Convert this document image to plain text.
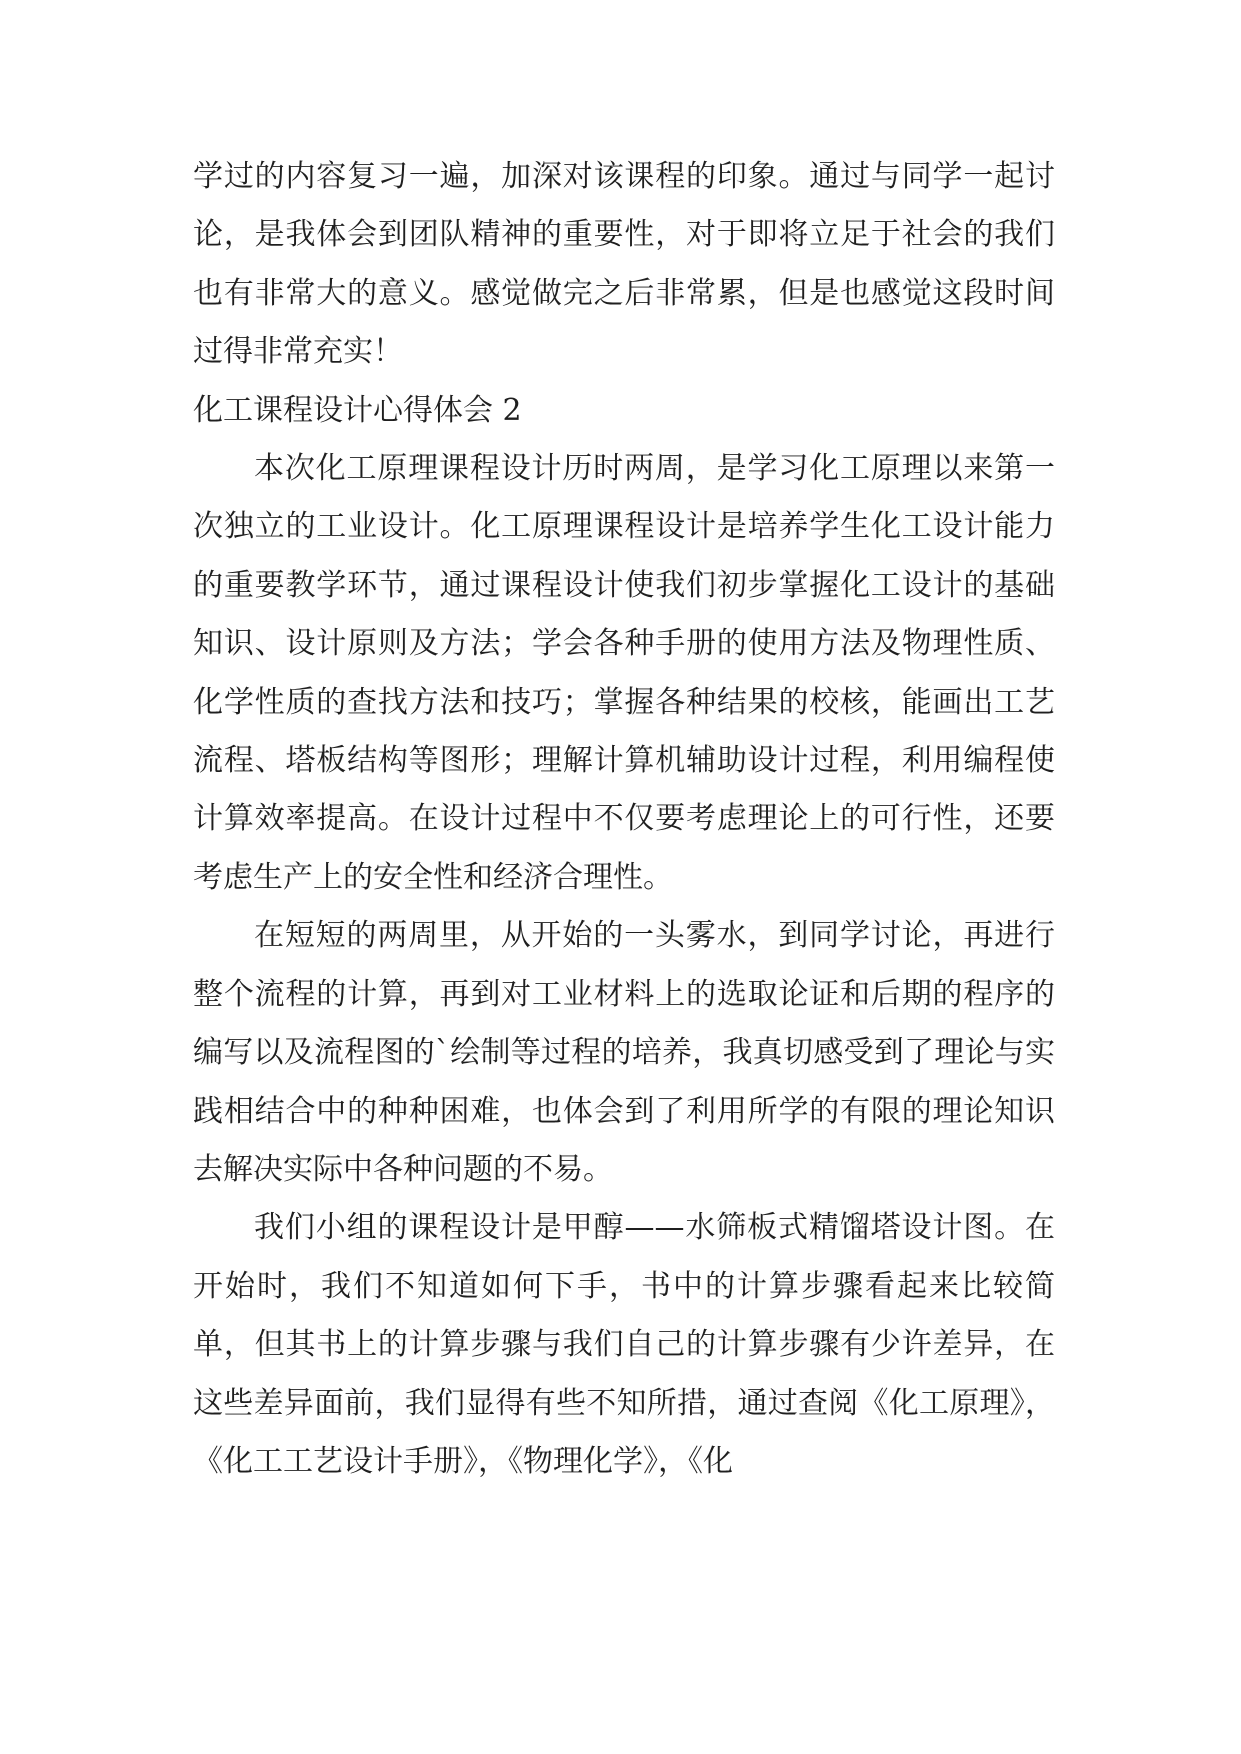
学过的内容复习一遍，加深对该课程的印象。通过与同学一起讨论，是我体会到团队精神的重要性，对于即将立足于社会的我们也有非常大的意义。感觉做完之后非常累，但是也感觉这段时间过得非常充实！

化工课程设计心得体会 2

本次化工原理课程设计历时两周，是学习化工原理以来第一次独立的工业设计。化工原理课程设计是培养学生化工设计能力的重要教学环节，通过课程设计使我们初步掌握化工设计的基础知识、设计原则及方法；学会各种手册的使用方法及物理性质、化学性质的查找方法和技巧；掌握各种结果的校核，能画出工艺流程、塔板结构等图形；理解计算机辅助设计过程，利用编程使计算效率提高。在设计过程中不仅要考虑理论上的可行性，还要考虑生产上的安全性和经济合理性。

在短短的两周里，从开始的一头雾水，到同学讨论，再进行整个流程的计算，再到对工业材料上的选取论证和后期的程序的编写以及流程图的`绘制等过程的培养，我真切感受到了理论与实践相结合中的种种困难，也体会到了利用所学的有限的理论知识去解决实际中各种问题的不易。

我们小组的课程设计是甲醇——水筛板式精馏塔设计图。在开始时，我们不知道如何下手，书中的计算步骤看起来比较简单，但其书上的计算步骤与我们自己的计算步骤有少许差异，在这些差异面前，我们显得有些不知所措，通过查阅《化工原理》，《化工工艺设计手册》，《物理化学》，《化
